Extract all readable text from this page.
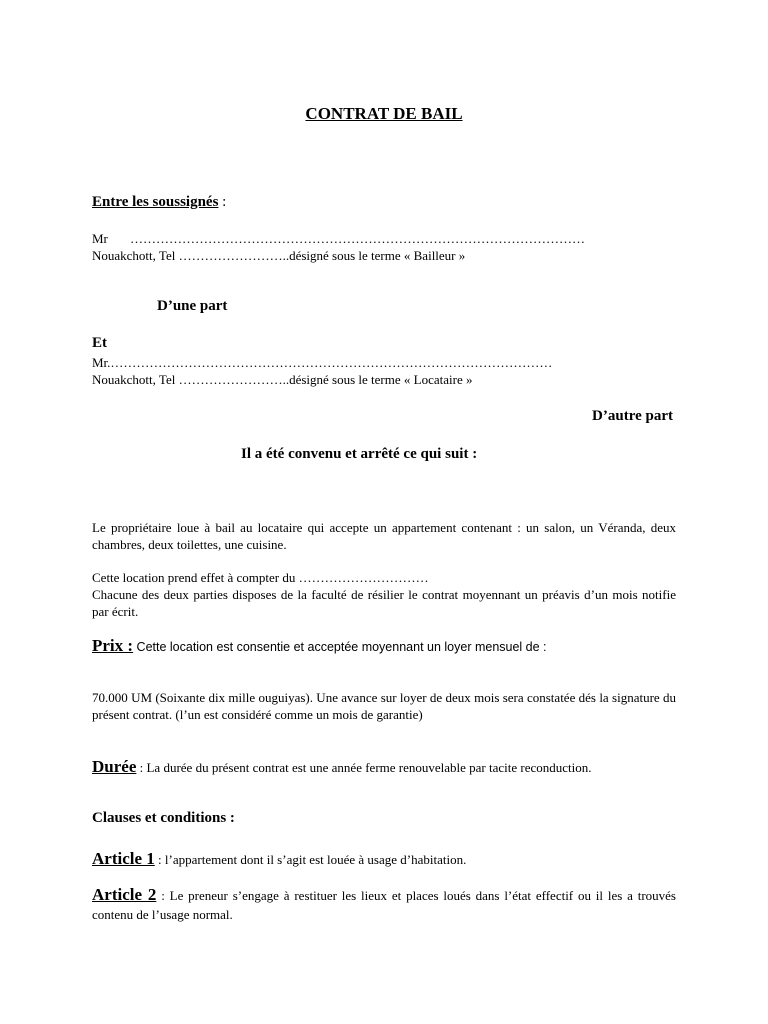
CONTRAT DE BAIL
Entre les soussignés :
Mr ……………………………………………………………………………………………
Nouakchott, Tel ……………………..désigné sous le terme « Bailleur »
D’une part
Et
Mr.…………………………………………………………………………………………
Nouakchott, Tel ……………………..désigné sous le terme « Locataire »
D’autre part
Il a été convenu et arrêté ce qui suit :
Le propriétaire loue à bail au locataire qui accepte un appartement contenant : un salon, un Véranda, deux chambres, deux toilettes, une cuisine.
Cette location prend effet à compter du …………………………
Chacune des deux parties disposes de la faculté de résilier le contrat moyennant un préavis d’un mois notifie par écrit.
Prix : Cette location est consentie et acceptée moyennant un loyer mensuel de :
70.000 UM (Soixante dix mille ouguiyas). Une avance sur loyer de deux mois sera constatée dés la signature du présent contrat. (l’un est considéré comme un mois de garantie)
Durée : La durée du présent contrat est une année ferme renouvelable par tacite reconduction.
Clauses et conditions :
Article 1 : l’appartement dont il s’agit est louée à usage d’habitation.
Article 2 : Le preneur s’engage à restituer les lieux et places loués dans l’état effectif ou il les a trouvés contenu de l’usage normal.
